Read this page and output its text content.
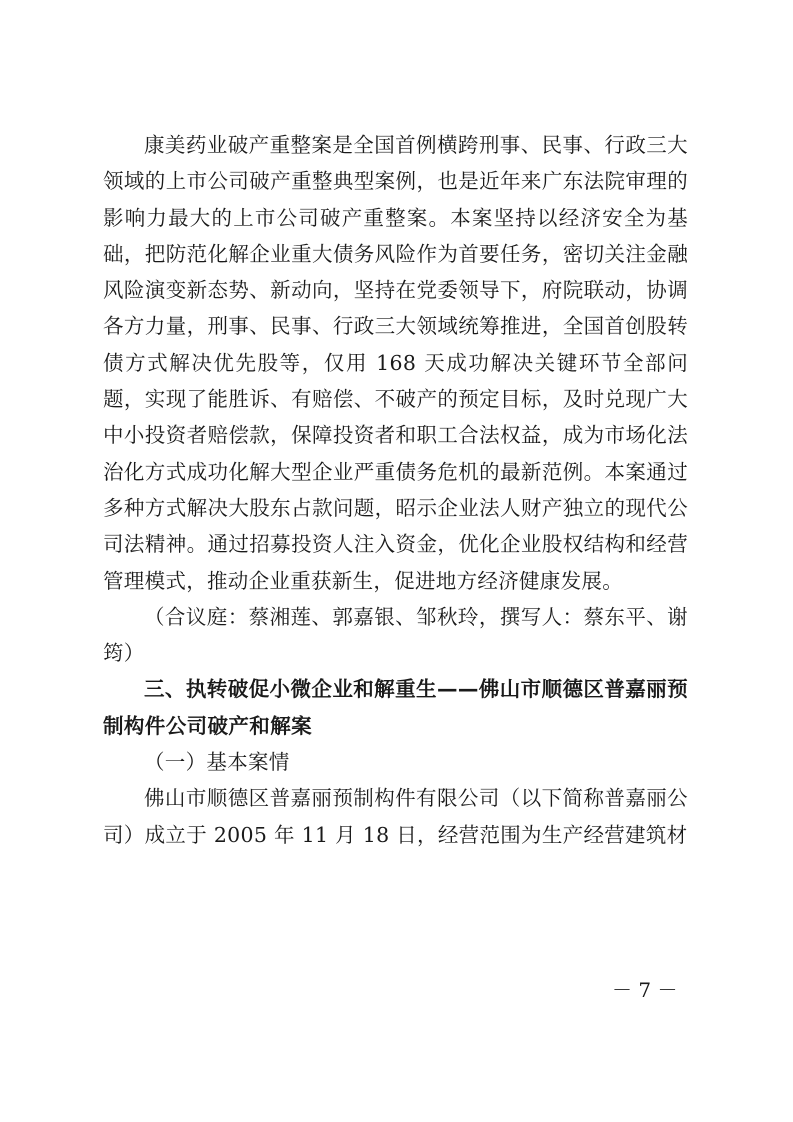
康美药业破产重整案是全国首例横跨刑事、民事、行政三大领域的上市公司破产重整典型案例，也是近年来广东法院审理的影响力最大的上市公司破产重整案。本案坚持以经济安全为基础，把防范化解企业重大债务风险作为首要任务，密切关注金融风险演变新态势、新动向，坚持在党委领导下，府院联动，协调各方力量，刑事、民事、行政三大领域统筹推进，全国首创股转债方式解决优先股等，仅用 168 天成功解决关键环节全部问题，实现了能胜诉、有赔偿、不破产的预定目标，及时兑现广大中小投资者赔偿款，保障投资者和职工合法权益，成为市场化法治化方式成功化解大型企业严重债务危机的最新范例。本案通过多种方式解决大股东占款问题，昭示企业法人财产独立的现代公司法精神。通过招募投资人注入资金，优化企业股权结构和经营管理模式，推动企业重获新生，促进地方经济健康发展。

（合议庭：蔡湘莲、郭嘉银、邹秋玲，撰写人：蔡东平、谢筠）

三、执转破促小微企业和解重生——佛山市顺德区普嘉丽预制构件公司破产和解案

（一）基本案情

佛山市顺德区普嘉丽预制构件有限公司（以下简称普嘉丽公司）成立于 2005 年 11 月 18 日，经营范围为生产经营建筑材

－ 7 －
